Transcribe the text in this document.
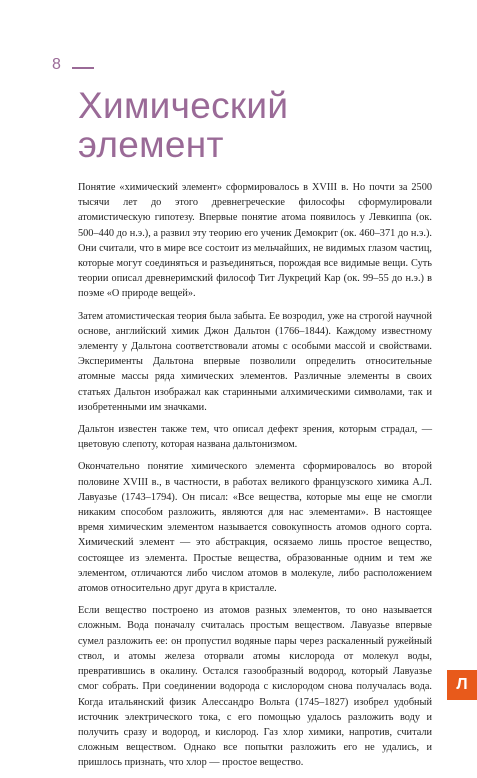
8
Химический
элемент

Понятие «химический элемент» сформировалось в XVIII в. Но почти за 2500 тысячи лет до этого древнегреческие философы сформулировали атомистическую гипотезу. Впервые понятие атома появилось у Левкиппа (ок. 500–440 до н.э.), а развил эту теорию его ученик Демокрит (ок. 460–371 до н.э.). Они считали, что в мире все состоит из мельчайших, не видимых глазом частиц, которые могут соединяться и разъединяться, порождая все видимые вещи. Суть теории описал древнеримский философ Тит Лукреций Кар (ок. 99–55 до н.э.) в поэме «О природе вещей».

Затем атомистическая теория была забыта. Ее возродил, уже на строгой научной основе, английский химик Джон Дальтон (1766–1844). Каждому известному элементу у Дальтона соответствовали атомы с особыми массой и свойствами. Эксперименты Дальтона впервые позволили определить относительные атомные массы ряда химических элементов. Различные элементы в своих статьях Дальтон изображал как старинными алхимическими символами, так и изобретенными им значками.

Дальтон известен также тем, что описал дефект зрения, которым страдал, — цветовую слепоту, которая названа дальтонизмом.

Окончательно понятие химического элемента сформировалось во второй половине XVIII в., в частности, в работах великого французского химика А.Л. Лавуазье (1743–1794). Он писал: «Все вещества, которые мы еще не смогли никаким способом разложить, являются для нас элементами». В настоящее время химическим элементом называется совокупность атомов одного сорта. Химический элемент — это абстракция, осязаемо лишь простое вещество, состоящее из элемента. Простые вещества, образованные одним и тем же элементом, отличаются либо числом атомов в молекуле, либо расположением атомов относительно друг друга в кристалле.

Если вещество построено из атомов разных элементов, то оно называется сложным. Вода поначалу считалась простым веществом. Лавуазье впервые сумел разложить ее: он пропустил водяные пары через раскаленный ружейный ствол, и атомы железа оторвали атомы кислорода от молекул воды, превратившись в окалину. Остался газообразный водород, который Лавуазье смог собрать. При соединении водорода с кислородом снова получалась вода. Когда итальянский физик Алессандро Вольта (1745–1827) изобрел удобный источник электрического тока, с его помощью удалось разложить воду и получить сразу и водород, и кислород. Газ хлор химики, напротив, считали сложным веществом. Однако все попытки разложить его не удались, и пришлось признать, что хлор — простое вещество.

Л
